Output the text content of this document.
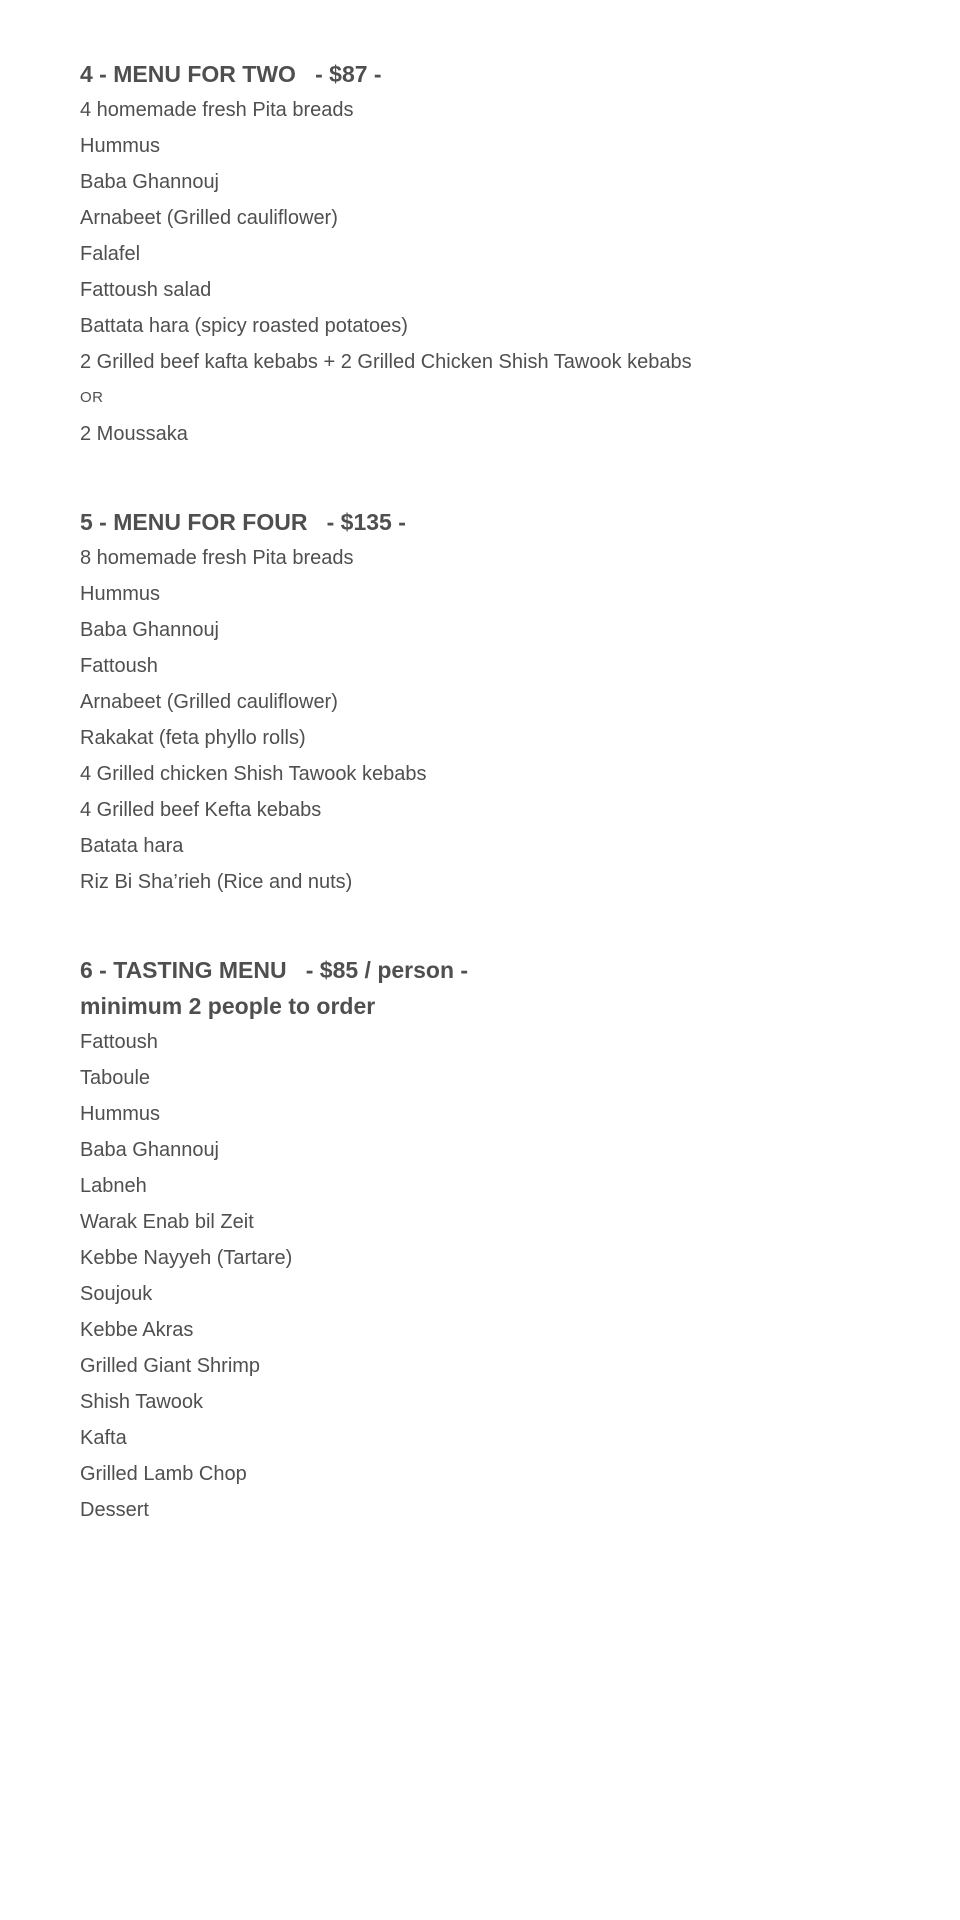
4 - MENU FOR TWO   - $87 -
4 homemade fresh Pita breads
Hummus
Baba Ghannouj
Arnabeet (Grilled cauliflower)
Falafel
Fattoush salad
Battata hara (spicy roasted potatoes)
2 Grilled beef kafta kebabs + 2 Grilled Chicken Shish Tawook kebabs
OR
2 Moussaka
5 - MENU FOR FOUR   - $135 -
8 homemade fresh Pita breads
Hummus
Baba Ghannouj
Fattoush
Arnabeet (Grilled cauliflower)
Rakakat (feta phyllo rolls)
4 Grilled chicken Shish Tawook kebabs
4 Grilled beef Kefta kebabs
Batata hara
Riz Bi Sha’rieh (Rice and nuts)
6 - TASTING MENU   - $85 / person -
minimum 2 people to order
Fattoush
Taboule
Hummus
Baba Ghannouj
Labneh
Warak Enab bil Zeit
Kebbe Nayyeh (Tartare)
Soujouk
Kebbe Akras
Grilled Giant Shrimp
Shish Tawook
Kafta
Grilled Lamb Chop
Dessert
